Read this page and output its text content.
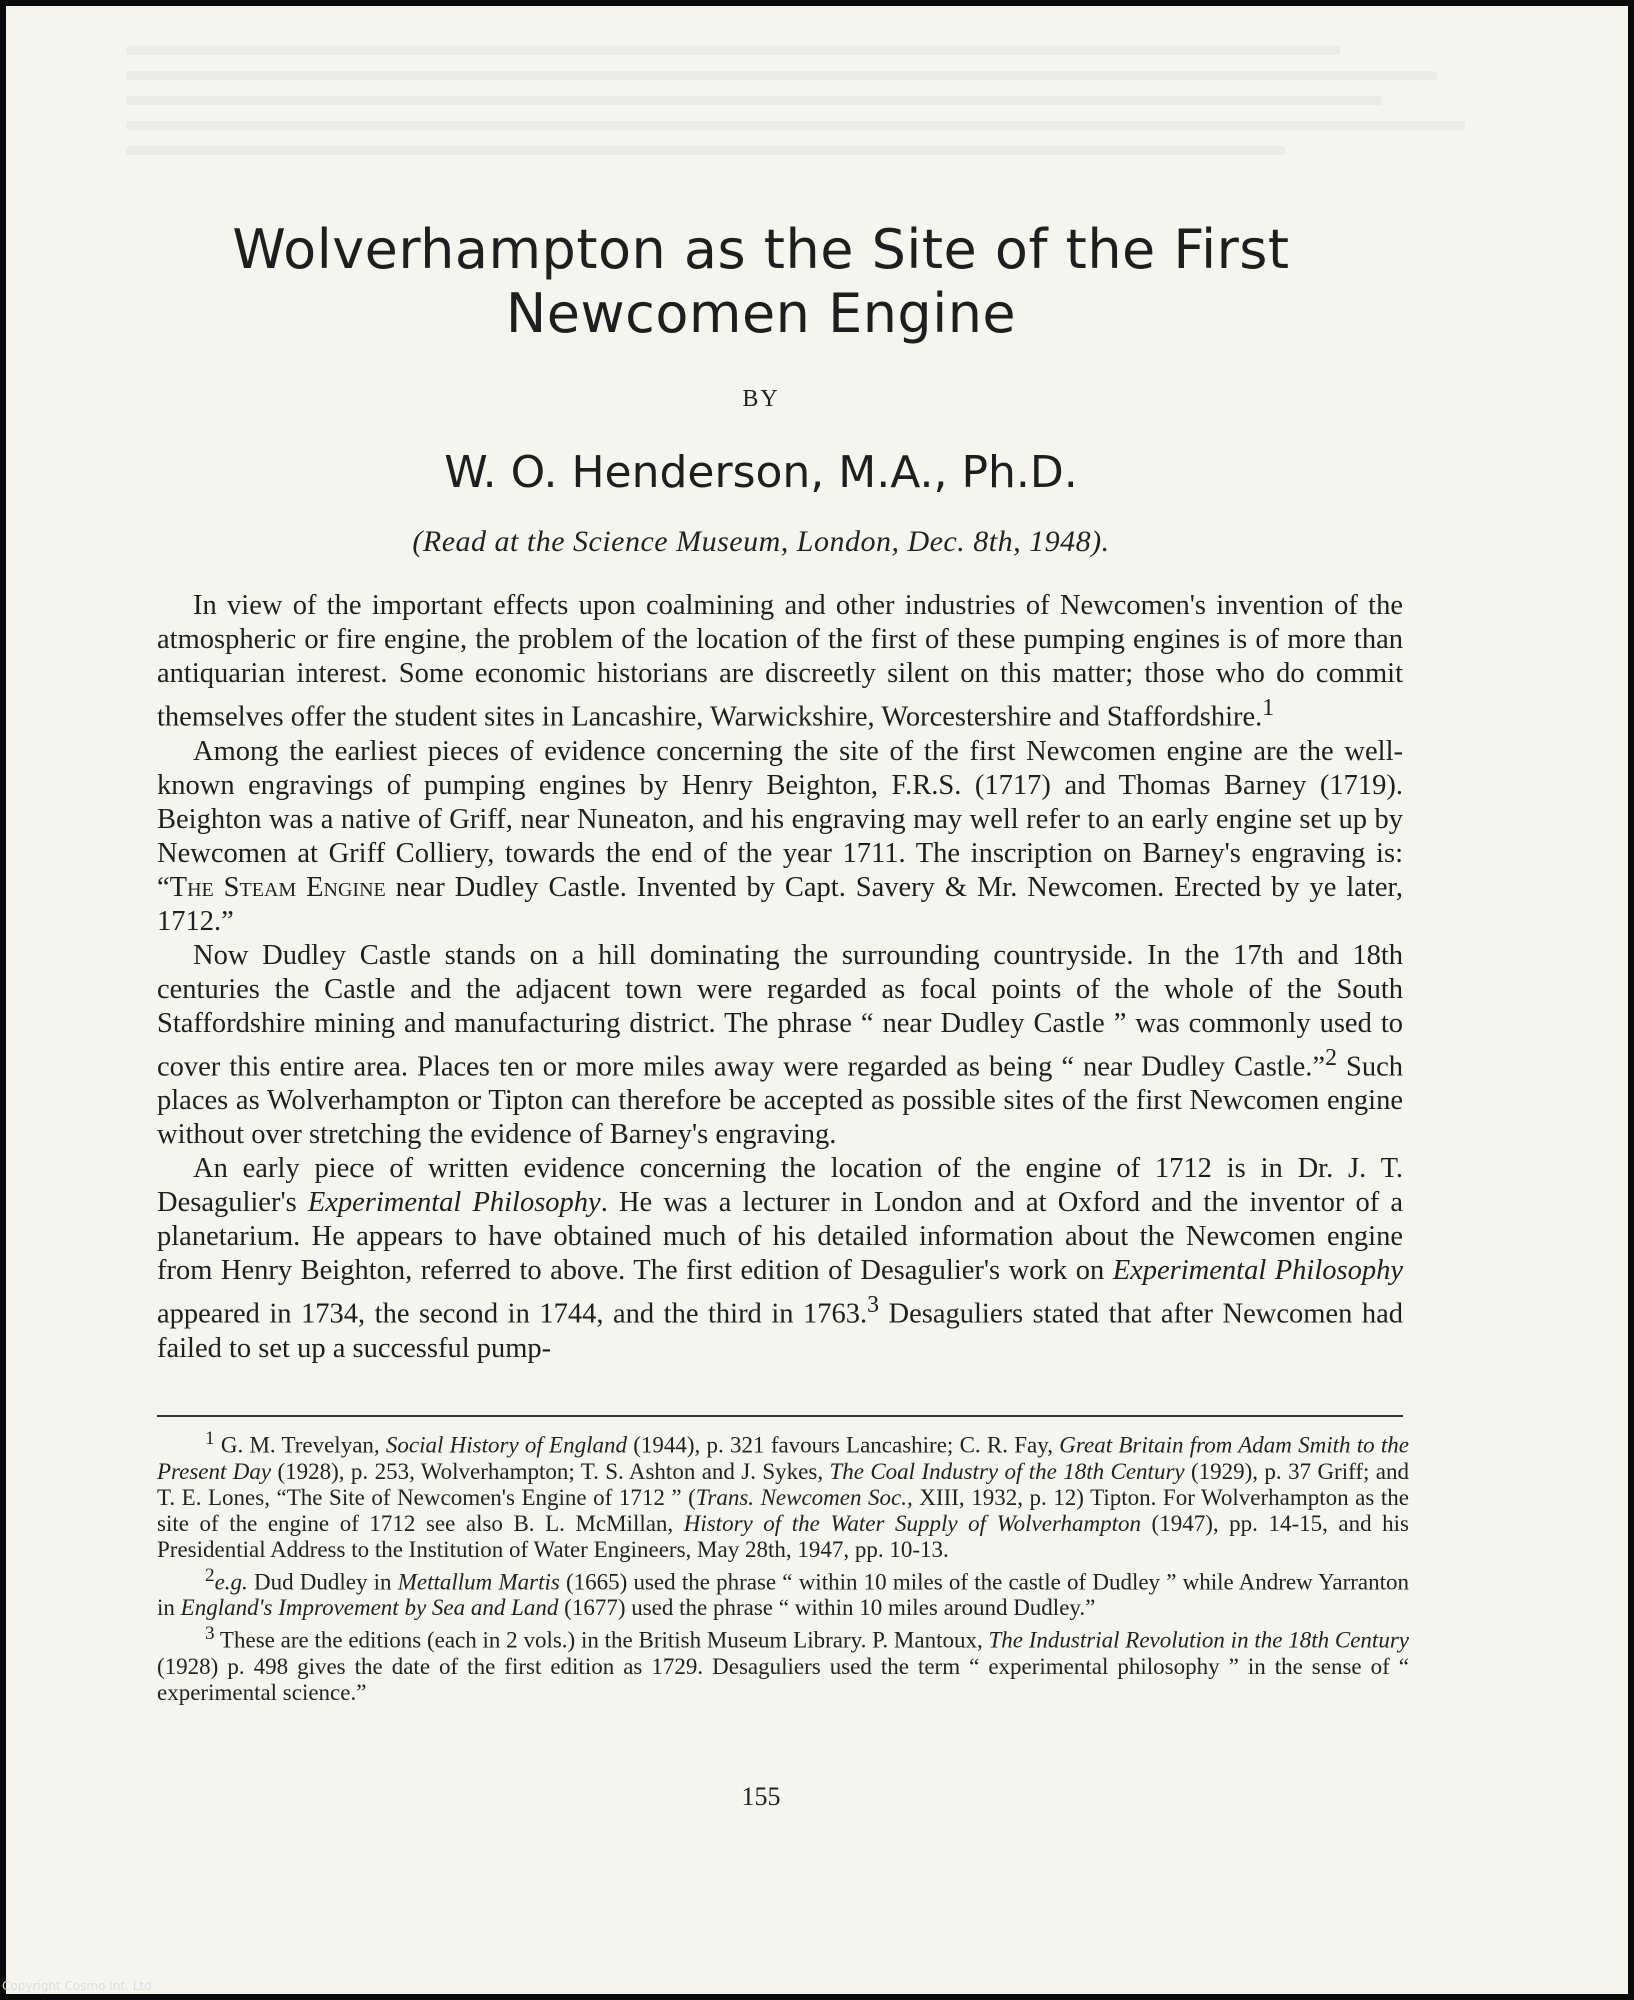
Wolverhampton as the Site of the First
Newcomen Engine
BY
W. O. Henderson, M.A., Ph.D.
(Read at the Science Museum, London, Dec. 8th, 1948).

In view of the important effects upon coalmining and other industries of Newcomen's invention of the atmospheric or fire engine, the problem of the location of the first of these pumping engines is of more than antiquarian interest. Some economic historians are discreetly silent on this matter; those who do commit themselves offer the student sites in Lancashire, Warwickshire, Worcestershire and Staffordshire.$^1$

Among the earliest pieces of evidence concerning the site of the first Newcomen engine are the well-known engravings of pumping engines by Henry Beighton, F.R.S. (1717) and Thomas Barney (1719). Beighton was a native of Griff, near Nuneaton, and his engraving may well refer to an early engine set up by Newcomen at Griff Colliery, towards the end of the year 1711. The inscription on Barney's engraving is: “The Steam Engine near Dudley Castle. Invented by Capt. Savery & Mr. Newcomen. Erected by ye later, 1712.”

Now Dudley Castle stands on a hill dominating the surrounding countryside. In the 17th and 18th centuries the Castle and the adjacent town were regarded as focal points of the whole of the South Staffordshire mining and manufacturing district. The phrase “ near Dudley Castle ” was commonly used to cover this entire area. Places ten or more miles away were regarded as being “ near Dudley Castle.”$^2$ Such places as Wolverhampton or Tipton can therefore be accepted as possible sites of the first Newcomen engine without over stretching the evidence of Barney's engraving.

An early piece of written evidence concerning the location of the engine of 1712 is in Dr. J. T. Desagulier's Experimental Philosophy. He was a lecturer in London and at Oxford and the inventor of a planetarium. He appears to have obtained much of his detailed information about the Newcomen engine from Henry Beighton, referred to above. The first edition of Desagulier's work on Experimental Philosophy appeared in 1734, the second in 1744, and the third in 1763.$^3$ Desaguliers stated that after Newcomen had failed to set up a successful pump-

$^1$ G. M. Trevelyan, Social History of England (1944), p. 321 favours Lancashire; C. R. Fay, Great Britain from Adam Smith to the Present Day (1928), p. 253, Wolverhampton; T. S. Ashton and J. Sykes, The Coal Industry of the 18th Century (1929), p. 37 Griff; and T. E. Lones, “The Site of Newcomen's Engine of 1712 ” (Trans. Newcomen Soc., XIII, 1932, p. 12) Tipton. For Wolverhampton as the site of the engine of 1712 see also B. L. McMillan, History of the Water Supply of Wolverhampton (1947), pp. 14-15, and his Presidential Address to the Institution of Water Engineers, May 28th, 1947, pp. 10-13.

$^2$e.g. Dud Dudley in Mettallum Martis (1665) used the phrase “ within 10 miles of the castle of Dudley ” while Andrew Yarranton in England's Improvement by Sea and Land (1677) used the phrase “ within 10 miles around Dudley.”

$^3$ These are the editions (each in 2 vols.) in the British Museum Library. P. Mantoux, The Industrial Revolution in the 18th Century (1928) p. 498 gives the date of the first edition as 1729. Desaguliers used the term “ experimental philosophy ” in the sense of “ experimental science.”

155
Copyright Cosmo Int. Ltd
